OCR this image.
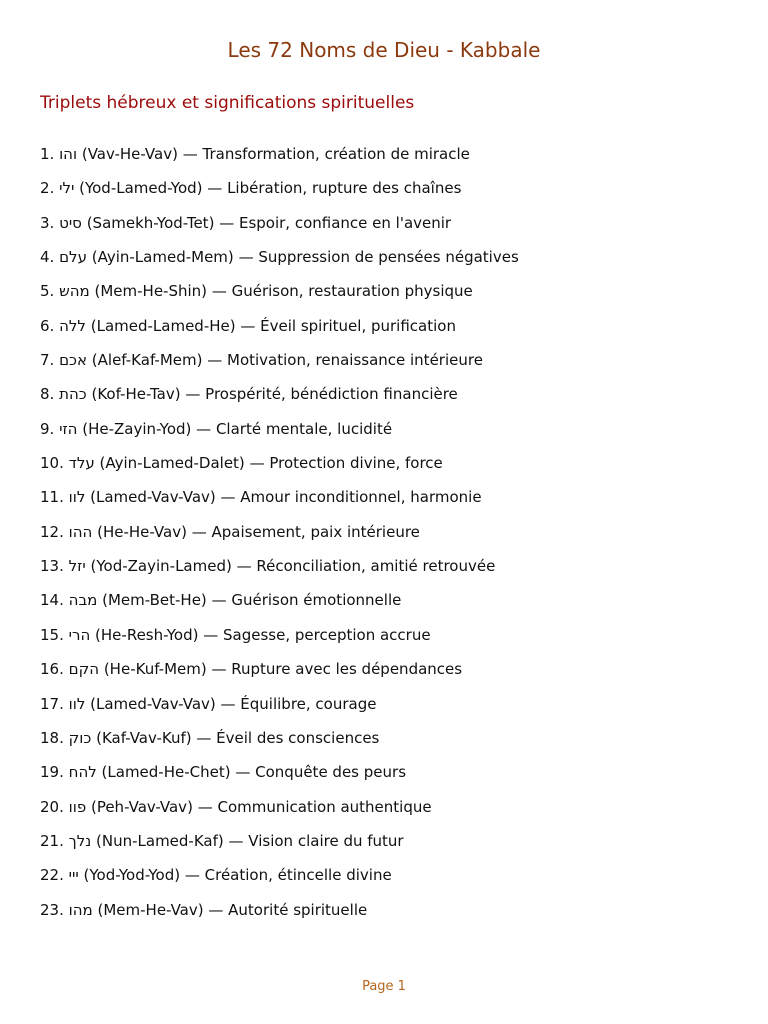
Les 72 Noms de Dieu - Kabbale
Triplets hébreux et significations spirituelles
1. והו (Vav-He-Vav) — Transformation, création de miracle
2. ילי (Yod-Lamed-Yod) — Libération, rupture des chaînes
3. סיט (Samekh-Yod-Tet) — Espoir, confiance en l'avenir
4. עלם (Ayin-Lamed-Mem) — Suppression de pensées négatives
5. מהש (Mem-He-Shin) — Guérison, restauration physique
6. ללה (Lamed-Lamed-He) — Éveil spirituel, purification
7. אכם (Alef-Kaf-Mem) — Motivation, renaissance intérieure
8. כהת (Kof-He-Tav) — Prospérité, bénédiction financière
9. הזי (He-Zayin-Yod) — Clarté mentale, lucidité
10. עלד (Ayin-Lamed-Dalet) — Protection divine, force
11. לוו (Lamed-Vav-Vav) — Amour inconditionnel, harmonie
12. ההו (He-He-Vav) — Apaisement, paix intérieure
13. יזל (Yod-Zayin-Lamed) — Réconciliation, amitié retrouvée
14. מבה (Mem-Bet-He) — Guérison émotionnelle
15. הרי (He-Resh-Yod) — Sagesse, perception accrue
16. הקם (He-Kuf-Mem) — Rupture avec les dépendances
17. לוו (Lamed-Vav-Vav) — Équilibre, courage
18. כוק (Kaf-Vav-Kuf) — Éveil des consciences
19. להח (Lamed-He-Chet) — Conquête des peurs
20. פוו (Peh-Vav-Vav) — Communication authentique
21. נלך (Nun-Lamed-Kaf) — Vision claire du futur
22. ייי (Yod-Yod-Yod) — Création, étincelle divine
23. מהו (Mem-He-Vav) — Autorité spirituelle
Page 1
